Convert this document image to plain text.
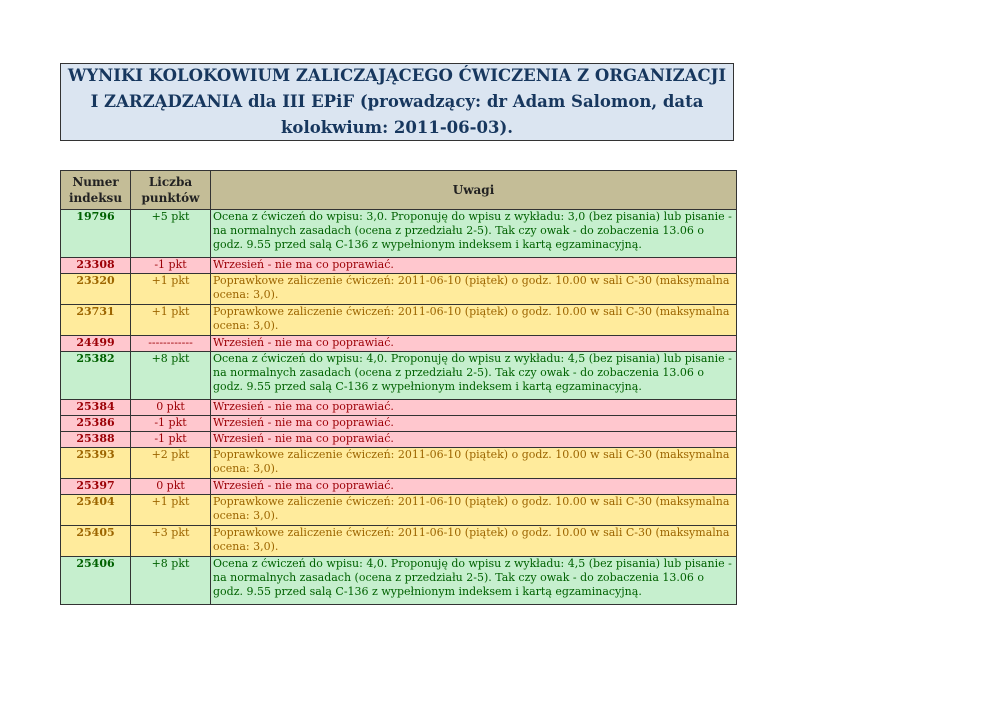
WYNIKI KOLOKOWIUM ZALICZAJĄCEGO ĆWICZENIA Z ORGANIZACJI I ZARZĄDZANIA dla III EPiF (prowadzący: dr Adam Salomon, data kolokwium: 2011-06-03).
Numer indeksu	Liczba punktów	Uwagi
19796	+5 pkt	Ocena z ćwiczeń do wpisu: 3,0. Proponuję do wpisu z wykładu: 3,0 (bez pisania) lub pisanie - na normalnych zasadach (ocena z przedziału 2-5). Tak czy owak - do zobaczenia 13.06 o godz. 9.55 przed salą C-136 z wypełnionym indeksem i kartą egzaminacyjną.

23308	-1 pkt	Wrzesień - nie ma co poprawiać.

23320	+1 pkt	Poprawkowe zaliczenie ćwiczeń: 2011-06-10 (piątek) o godz. 10.00 w sali C-30 (maksymalna ocena: 3,0).

23731	+1 pkt	Poprawkowe zaliczenie ćwiczeń: 2011-06-10 (piątek) o godz. 10.00 w sali C-30 (maksymalna ocena: 3,0).

24499	------------	Wrzesień - nie ma co poprawiać.

25382	+8 pkt	Ocena z ćwiczeń do wpisu: 4,0. Proponuję do wpisu z wykładu: 4,5 (bez pisania) lub pisanie - na normalnych zasadach (ocena z przedziału 2-5). Tak czy owak - do zobaczenia 13.06 o godz. 9.55 przed salą C-136 z wypełnionym indeksem i kartą egzaminacyjną.

25384	0 pkt	Wrzesień - nie ma co poprawiać.

25386	-1 pkt	Wrzesień - nie ma co poprawiać.

25388	-1 pkt	Wrzesień - nie ma co poprawiać.

25393	+2 pkt	Poprawkowe zaliczenie ćwiczeń: 2011-06-10 (piątek) o godz. 10.00 w sali C-30 (maksymalna ocena: 3,0).

25397	0 pkt	Wrzesień - nie ma co poprawiać.

25404	+1 pkt	Poprawkowe zaliczenie ćwiczeń: 2011-06-10 (piątek) o godz. 10.00 w sali C-30 (maksymalna ocena: 3,0).

25405	+3 pkt	Poprawkowe zaliczenie ćwiczeń: 2011-06-10 (piątek) o godz. 10.00 w sali C-30 (maksymalna ocena: 3,0).

25406	+8 pkt	Ocena z ćwiczeń do wpisu: 4,0. Proponuję do wpisu z wykładu: 4,5 (bez pisania) lub pisanie - na normalnych zasadach (ocena z przedziału 2-5). Tak czy owak - do zobaczenia 13.06 o godz. 9.55 przed salą C-136 z wypełnionym indeksem i kartą egzaminacyjną.
